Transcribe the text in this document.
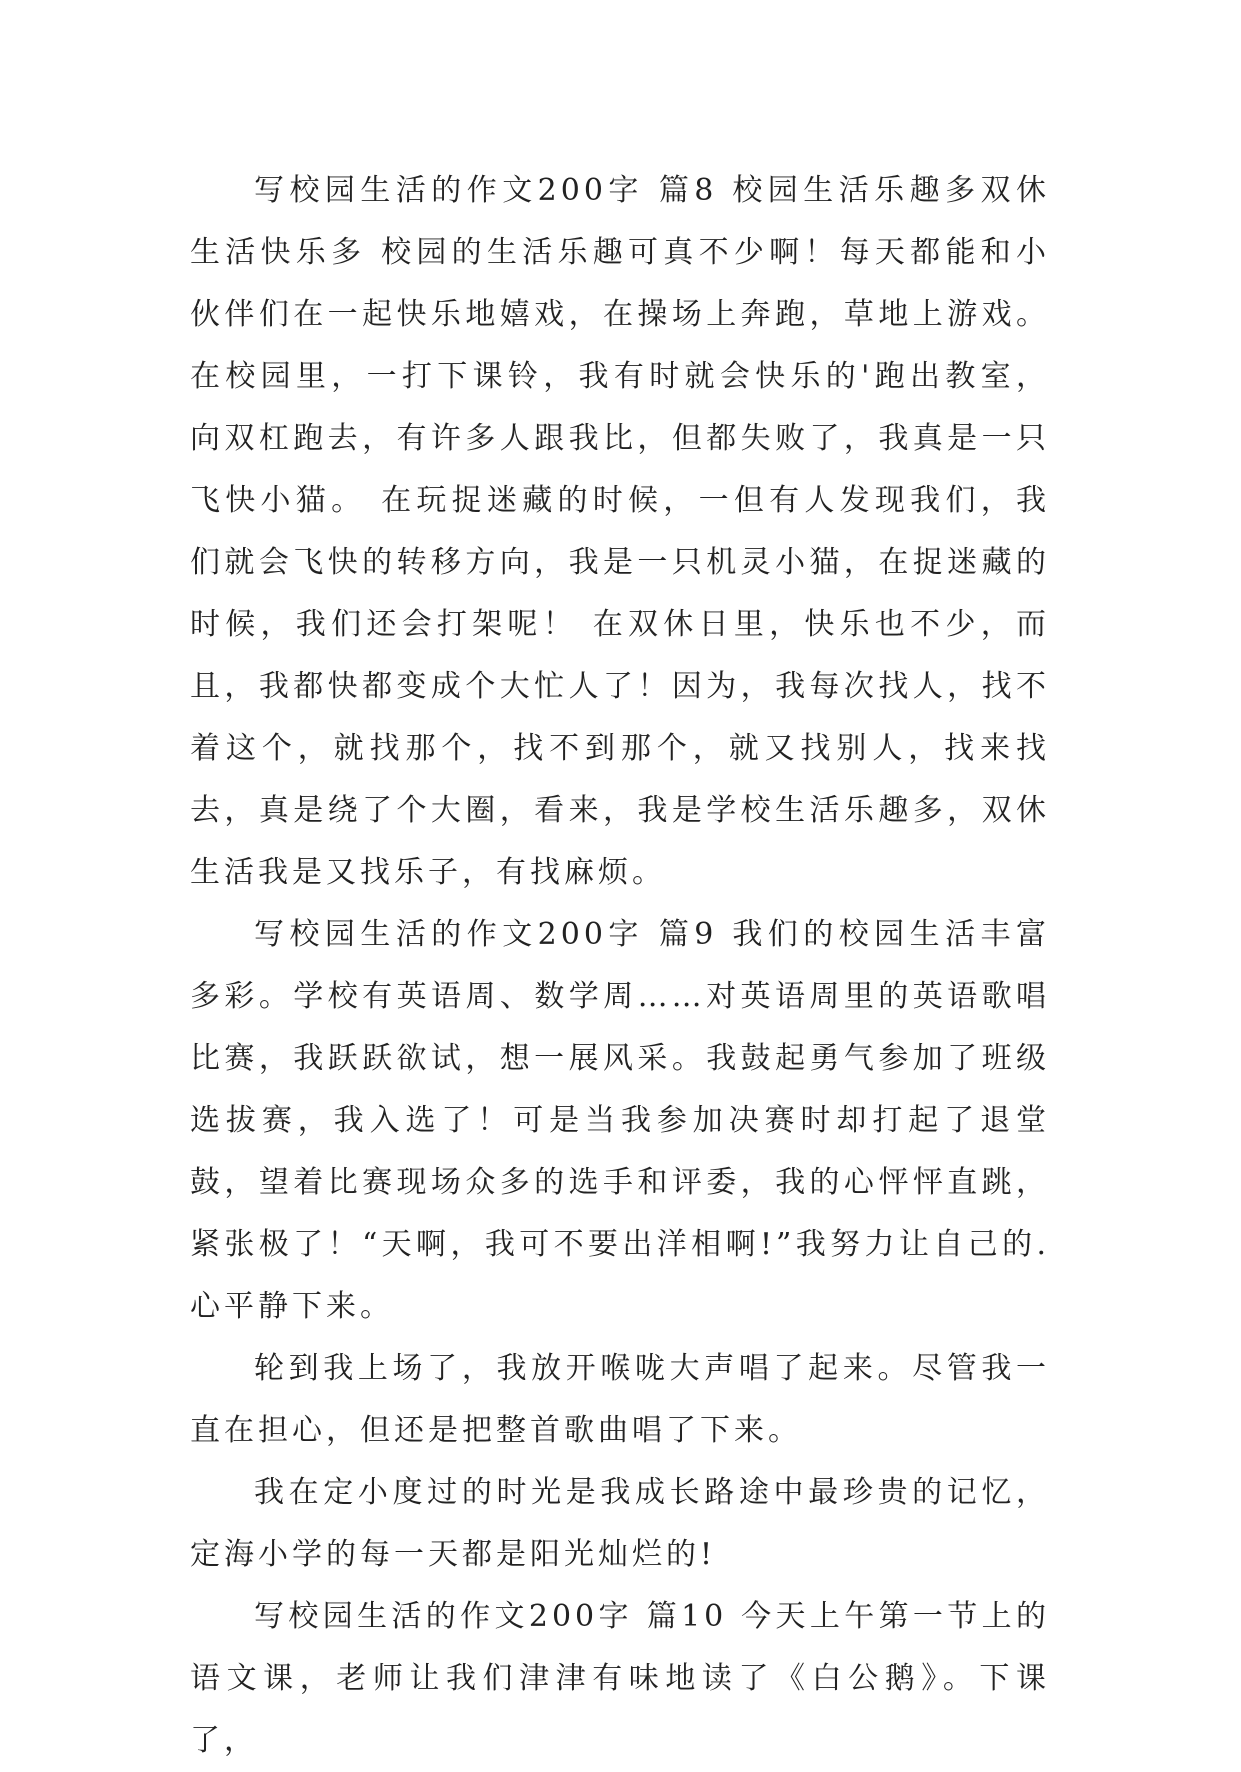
写校园生活的作文200字 篇8 校园生活乐趣多双休生活快乐多 校园的生活乐趣可真不少啊！每天都能和小伙伴们在一起快乐地嬉戏，在操场上奔跑，草地上游戏。 在校园里，一打下课铃，我有时就会快乐的'跑出教室，向双杠跑去，有许多人跟我比，但都失败了，我真是一只飞快小猫。 在玩捉迷藏的时候，一但有人发现我们，我们就会飞快的转移方向，我是一只机灵小猫，在捉迷藏的时候，我们还会打架呢！ 在双休日里，快乐也不少，而且，我都快都变成个大忙人了！因为，我每次找人，找不着这个，就找那个，找不到那个，就又找别人，找来找去，真是绕了个大圈，看来，我是学校生活乐趣多，双休生活我是又找乐子，有找麻烦。

写校园生活的作文200字 篇9 我们的校园生活丰富多彩。学校有英语周、数学周……对英语周里的英语歌唱比赛，我跃跃欲试，想一展风采。我鼓起勇气参加了班级选拔赛，我入选了！可是当我参加决赛时却打起了退堂鼓，望着比赛现场众多的选手和评委，我的心怦怦直跳，紧张极了！“天啊，我可不要出洋相啊!”我努力让自己的.心平静下来。

轮到我上场了，我放开喉咙大声唱了起来。尽管我一直在担心，但还是把整首歌曲唱了下来。

我在定小度过的时光是我成长路途中最珍贵的记忆，定海小学的每一天都是阳光灿烂的!

写校园生活的作文200字 篇10 今天上午第一节上的语文课，老师让我们津津有味地读了《白公鹅》。下课了，
